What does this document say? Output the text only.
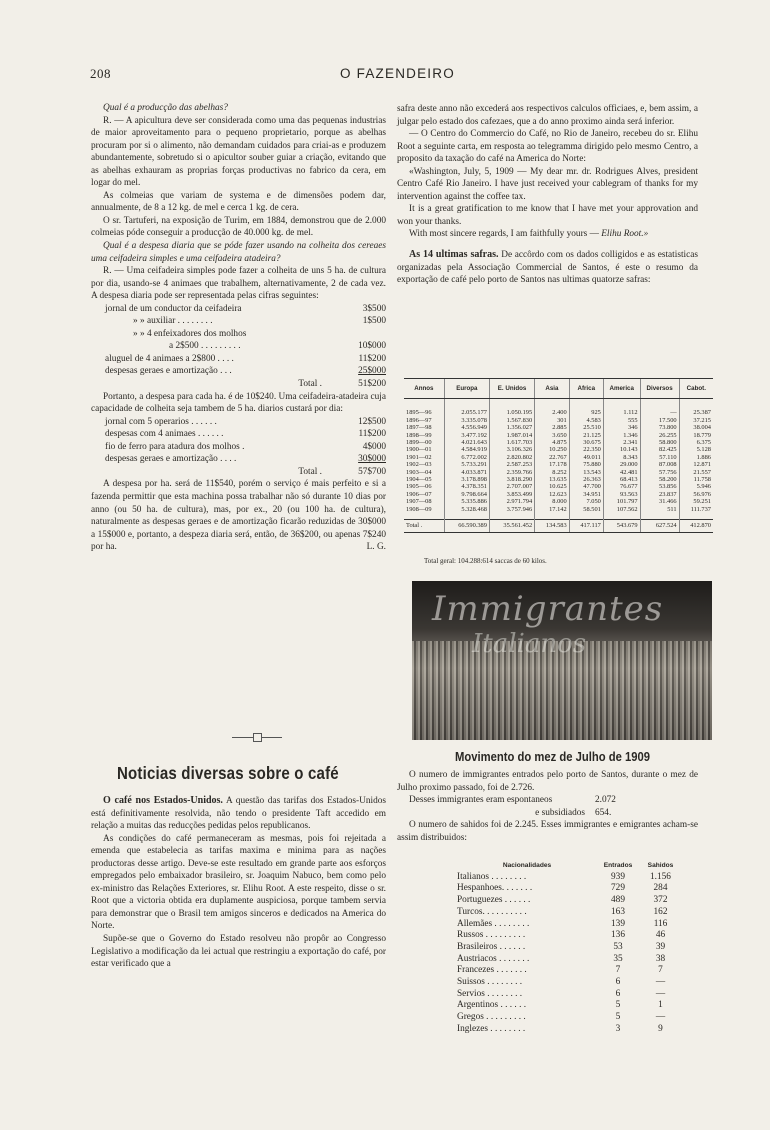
208	O FAZENDEIRO

Qual é a producção das abelhas?

R. — A apicultura deve ser considerada como uma das pequenas industrias de maior aproveitamento para o pequeno proprietario, porque as abelhas procuram por si o alimento, não demandam cuidados para criai-as e produzem abundantemente, sobretudo si o apicultor souber guiar a criação, evitando que as abelhas exhauram as proprias forças productivas no fabrico da cera, em logar do mel.

As colmeias que variam de systema e de dimensões podem dar, annualmente, de 8 a 12 kg. de mel e cerca 1 kg. de cera.

O sr. Tartuferi, na exposição de Turim, em 1884, demonstrou que de 2.000 colmeias póde conseguir a producção de 40.000 kg. de mel.

Qual é a despesa diaria que se póde fazer usando na colheita dos cereaes uma ceifadeira simples e uma ceifadeira atadeira?

R. — Uma ceifadeira simples pode fazer a colheita de uns 5 ha. de cultura por dia, usando-se 4 animaes que trabalhem, alternativamente, 2 de cada vez. A despesa diaria pode ser representada pelas cifras seguintes:

jornal de um conductor da ceifadeira	3$500
» » auxiliar . . . . . . . .	1$500
» » 4 enfeixadores dos molhos
a 2$500 . . . . . . . . .	10$000
aluguel de 4 animaes a 2$800 . . . .	11$200
despesas geraes e amortização . . .	25$000
Total .	51$200

Portanto, a despesa para cada ha. é de 10$240. Uma ceifadeira-atadeira cuja capacidade de colheita seja tambem de 5 ha. diarios custará por dia:

jornal com 5 operarios . . . . . .	12$500
despesas com 4 animaes . . . . . .	11$200
fio de ferro para atadura dos molhos .	4$000
despesas geraes e amortização . . . .	30$000
Total .	57$700

A despesa por ha. será de 11$540, porém o serviço é mais perfeito e si a fazenda permittir que esta machina possa trabalhar não só durante 10 dias por anno (ou 50 ha. de cultura), mas, por ex., 20 (ou 100 ha. de cultura), naturalmente as despesas geraes e de amortização ficarão reduzidas de 30$000 a 15$000 e, portanto, a despeza diaria será, então, de 36$200, ou apenas 7$240 por ha.	L. G.

Noticias diversas sobre o café

O café nos Estados-Unidos. A questão das tarifas dos Estados-Unidos está definitivamente resolvida, não tendo o presidente Taft accedido em relação a muitas das reducções pedidas pelos republicanos.

As condições do café permaneceram as mesmas, pois foi rejeitada a emenda que estabelecia as tarifas maxima e minima para as nações productoras desse artigo. Deve-se este resultado em grande parte aos esforços empregados pelo embaixador brasileiro, sr. Joaquim Nabuco, bem como pelo ex-ministro das Relações Exteriores, sr. Elihu Root. A este respeito, disse o sr. Root que a victoria obtida era duplamente auspiciosa, porque tambem servia para demonstrar que o Brasil tem amigos sinceros e dedicados na America do Norte.

Supõe-se que o Governo do Estado resolveu não propôr ao Congresso Legislativo a modificação da lei actual que restringiu a exportação do café, por estar verificado que a

safra deste anno não excederá aos respectivos calculos officiaes, e, bem assim, a julgar pelo estado dos cafezaes, que a do anno proximo ainda será inferior.

— O Centro do Commercio do Café, no Rio de Janeiro, recebeu do sr. Elihu Root a seguinte carta, em resposta ao telegramma dirigido pelo mesmo Centro, a proposito da taxação do café na America do Norte:

«Washington, July, 5, 1909 — My dear mr. dr. Rodrigues Alves, president Centro Café Rio Janeiro. I have just received your cablegram of thanks for my intervention against the coffee tax.

It is a great gratification to me know that I have met your approvation and won your thanks.

With most sincere regards, I am faithfully yours — Elihu Root.»

As 14 ultimas safras. De accôrdo com os dados colligidos e as estatisticas organizadas pela Associação Commercial de Santos, é este o resumo da exportação de café pelo porto de Santos nas ultimas quatorze safras:

Annos	Europa	E. Unidos	Asia	Africa	America	Diversos	Cabot.

1895—96	2.055.177	1.050.195	2.400	925	1.112	—	25.387
1896—97	3.335.078	1.567.830	301	4.583	555	17.500	37.215
1897—98	4.556.949	1.356.027	2.885	25.510	346	73.800	38.004
1898—99	3.477.192	1.987.014	3.650	21.125	1.346	26.255	18.779
1899—00	4.021.643	1.617.703	4.875	30.675	2.341	58.800	6.375
1900—01	4.584.919	3.106.326	10.250	22.350	10.143	82.425	5.128
1901—02	6.772.002	2.820.802	22.767	49.011	8.343	57.110	1.886
1902—03	5.733.291	2.587.253	17.178	75.880	29.000	87.008	12.871
1903—04	4.033.871	2.359.766	8.252	13.543	42.481	57.756	21.557
1904—05	3.178.898	3.818.290	13.635	26.363	68.413	58.200	11.758
1905—06	4.378.351	2.707.007	10.625	47.700	76.677	53.856	5.946
1906—07	9.798.664	3.853.499	12.623	34.951	93.563	23.837	56.976
1907—08	5.335.886	2.971.794	8.000	7.050	101.797	31.466	59.251
1908—09	5.328.468	3.757.946	17.142	58.501	107.562	511	111.737

Total .	66.590.389	35.561.452	134.583	417.117	543.679	627.524	412.870
Total geral: 104.288:614 saccas de 60 kilos.
Immigrantes
Italianos
Movimento do mez de Julho de 1909

O numero de immigrantes entrados pelo porto de Santos, durante o mez de Julho proximo passado, foi de 2.726.

Desses immigrantes eram espontaneos	2.072
e subsidiados	654.

O numero de sahidos foi de 2.245. Esses immigrantes e emigrantes acham-se assim distribuidos:

Nacionalidades	Entrados	Sahidos
Italianos . . . . . . . .	939	1.156
Hespanhoes. . . . . . .	729	284
Portuguezes . . . . . .	489	372
Turcos. . . . . . . . . .	163	162
Allemães . . . . . . . .	139	116
Russos . . . . . . . . .	136	46
Brasileiros . . . . . .	53	39
Austriacos . . . . . . .	35	38
Francezes . . . . . . .	7	7
Suissos . . . . . . . .	6	—
Servios . . . . . . . .	6	—
Argentinos . . . . . .	5	1
Gregos . . . . . . . . .	5	—
Inglezes . . . . . . . .	3	9
